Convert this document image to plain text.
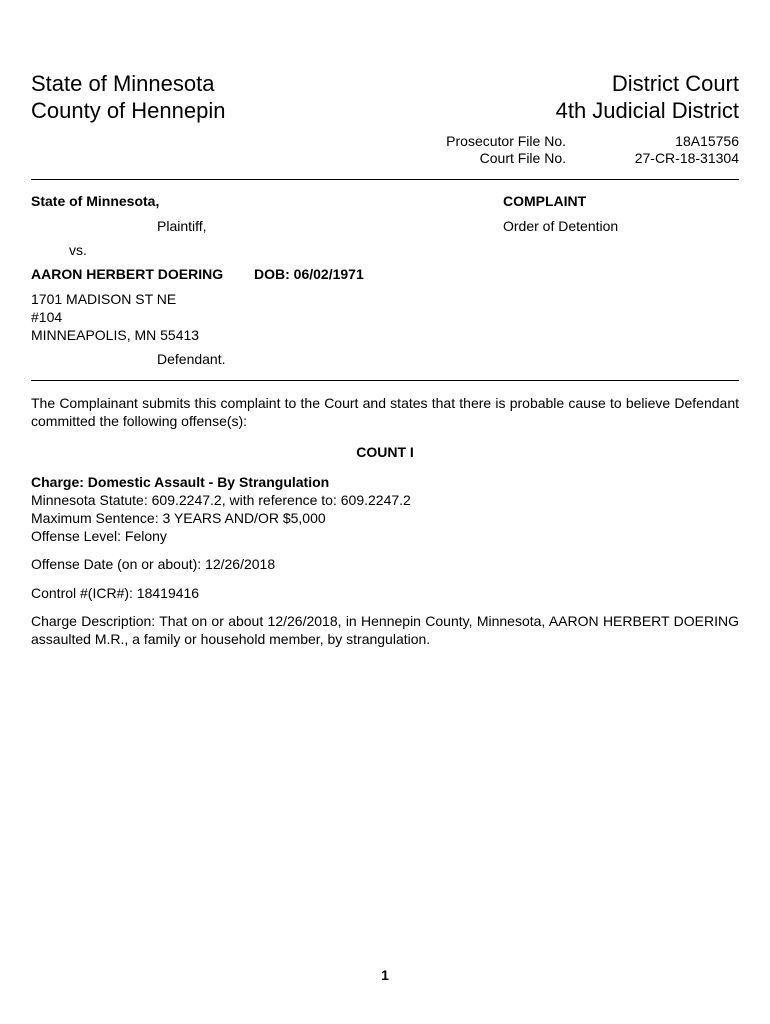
State of Minnesota
County of Hennepin
District Court
4th Judicial District
Prosecutor File No.	18A15756
Court File No.	27-CR-18-31304
State of Minnesota,
Plaintiff,
vs.
AARON HERBERT DOERING DOB: 06/02/1971
1701 MADISON ST NE
#104
MINNEAPOLIS, MN 55413
Defendant.
COMPLAINT
Order of Detention
The Complainant submits this complaint to the Court and states that there is probable cause to believe Defendant committed the following offense(s):
COUNT I
Charge: Domestic Assault - By Strangulation
Minnesota Statute: 609.2247.2, with reference to: 609.2247.2
Maximum Sentence: 3 YEARS AND/OR $5,000
Offense Level: Felony
Offense Date (on or about): 12/26/2018
Control #(ICR#): 18419416
Charge Description: That on or about 12/26/2018, in Hennepin County, Minnesota, AARON HERBERT DOERING assaulted M.R., a family or household member, by strangulation.
1
